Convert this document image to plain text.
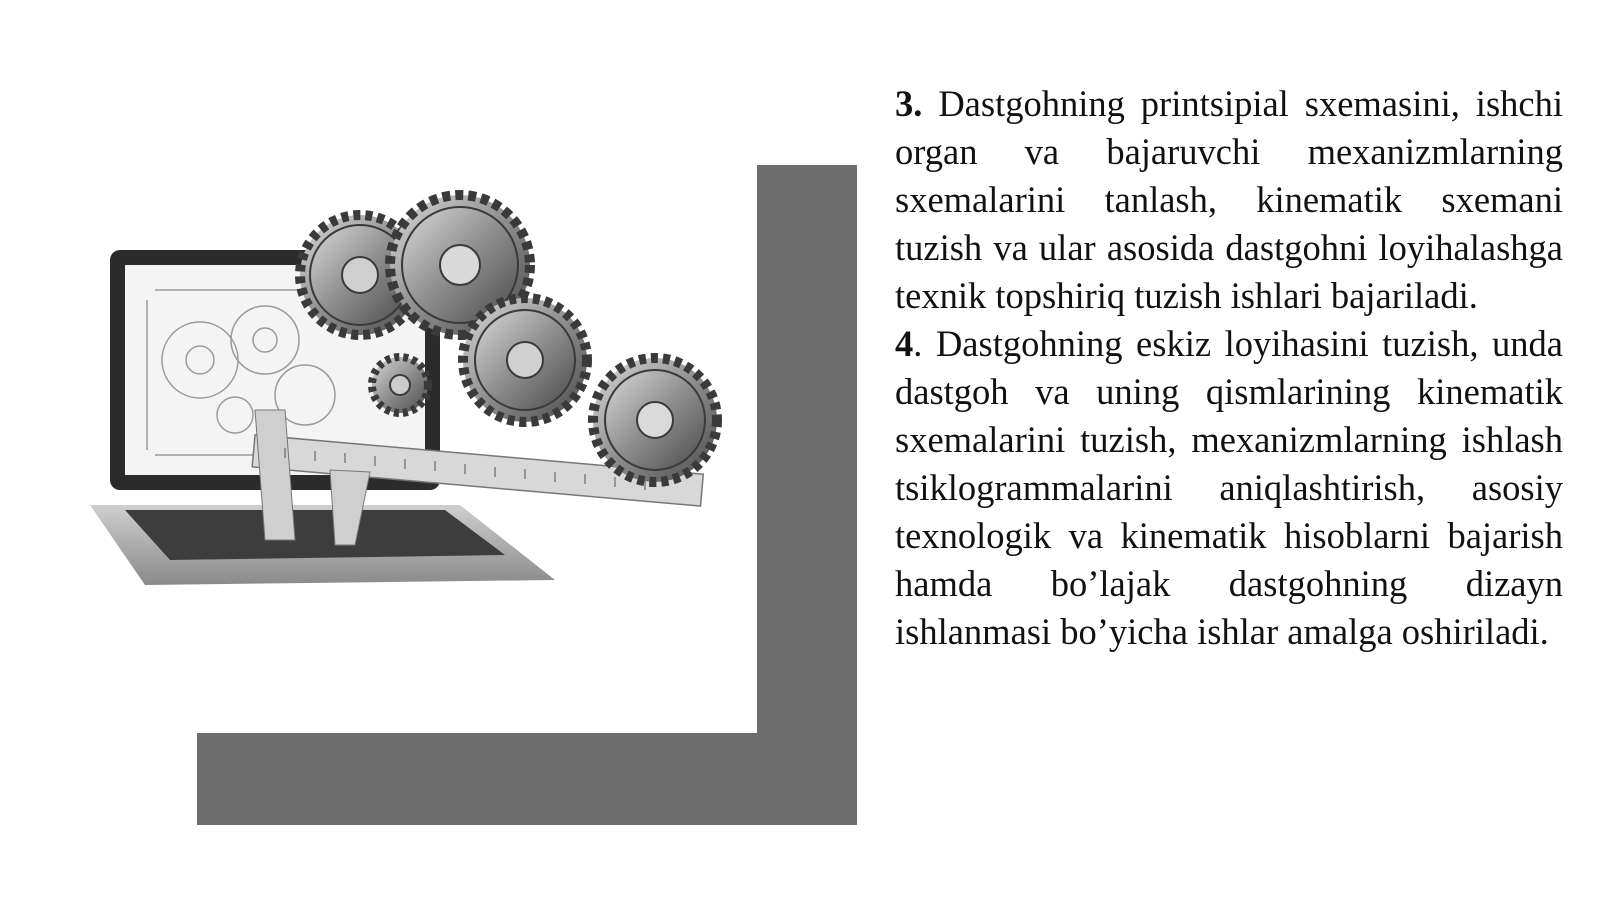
3. Dastgohning printsipial sxemasini, ishchi organ va bajaruvchi mexanizmlarning sxemalarini tanlash, kinematik sxemani tuzish va ular asosida dastgohni loyihalashga texnik topshiriq tuzish ishlari bajariladi.

4. Dastgohning eskiz loyihasini tuzish, unda dastgoh va uning qismlarining kinematik sxemalarini tuzish, mexanizmlarning ishlash tsiklogrammalarini aniqlashtirish, asosiy texnologik va kinematik hisoblarni bajarish hamda bo’lajak dastgohning dizayn ishlanmasi bo’yicha ishlar amalga oshiriladi.
